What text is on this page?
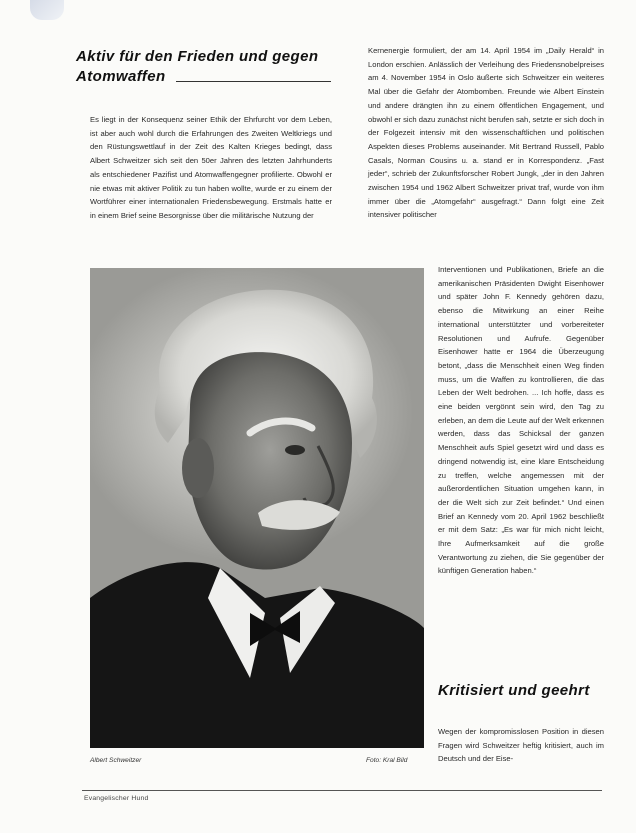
Aktiv für den Frieden und gegen
Atomwaffen

Es liegt in der Konsequenz seiner Ethik der Ehrfurcht vor dem Leben, ist aber auch wohl durch die Erfahrungen des Zweiten Weltkriegs und den Rüstungswettlauf in der Zeit des Kalten Krieges bedingt, dass Albert Schweitzer sich seit den 50er Jahren des letzten Jahrhunderts als entschiedener Pazifist und Atomwaffengegner profilierte. Obwohl er nie etwas mit aktiver Politik zu tun haben wollte, wurde er zu einem der Wortführer einer internationalen Friedensbewegung. Erstmals hatte er in einem Brief seine Besorgnisse über die militärische Nutzung der

Kernenergie formuliert, der am 14. April 1954 im „Daily Herald“ in London erschien. Anlässlich der Verleihung des Friedensnobelpreises am 4. November 1954 in Oslo äußerte sich Schweitzer ein weiteres Mal über die Gefahr der Atombomben. Freunde wie Albert Einstein und andere drängten ihn zu einem öffentlichen Engagement, und obwohl er sich dazu zunächst nicht berufen sah, setzte er sich doch in der Folgezeit intensiv mit den wissenschaftlichen und politischen Aspekten dieses Problems auseinander. Mit Bertrand Russell, Pablo Casals, Norman Cousins u. a. stand er in Korrespondenz. „Fast jeder“, schrieb der Zukunftsforscher Robert Jungk, „der in den Jahren zwischen 1954 und 1962 Albert Schweitzer privat traf, wurde von ihm immer über die „Atomgefahr“ ausgefragt.“ Dann folgt eine Zeit intensiver politischer

Interventionen und Publikationen, Briefe an die amerikanischen Präsidenten Dwight Eisenhower und später John F. Kennedy gehören dazu, ebenso die Mitwirkung an einer Reihe international unterstützter und vorbereiteter Resolutionen und Aufrufe. Gegenüber Eisenhower hatte er 1964 die Überzeugung betont, „dass die Menschheit einen Weg finden muss, um die Waffen zu kontrollieren, die das Leben der Welt bedrohen. ... Ich hoffe, dass es eine beiden vergönnt sein wird, den Tag zu erleben, an dem die Leute auf der Welt erkennen werden, dass das Schicksal der ganzen Menschheit aufs Spiel gesetzt wird und dass es dringend notwendig ist, eine klare Entscheidung zu treffen, welche angemessen mit der außerordentlichen Situation umgehen kann, in der die Welt sich zur Zeit befindet.“ Und einen Brief an Kennedy vom 20. April 1962 beschließt er mit dem Satz: „Es war für mich nicht leicht, Ihre Aufmerksamkeit auf die große Verantwortung zu ziehen, die Sie gegenüber der künftigen Generation haben.“

Kritisiert und geehrt

Wegen der kompromisslosen Position in diesen Fragen wird Schweitzer heftig kritisiert, auch im Deutsch und der Eise-

Albert Schweitzer	Foto: Kral Bild
Evangelischer Hund
